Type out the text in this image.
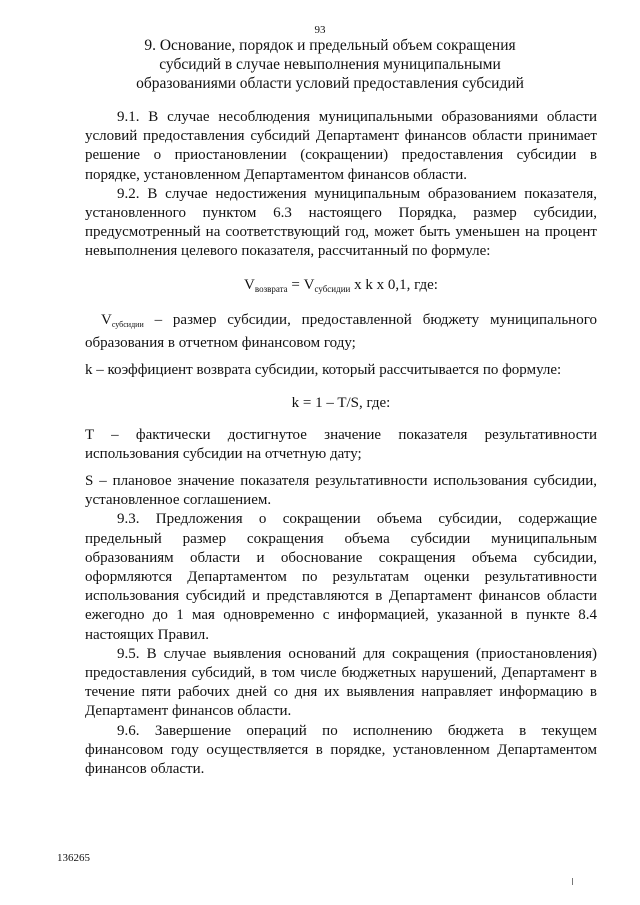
93
9. Основание, порядок и предельный объем сокращения
субсидий в случае невыполнения муниципальными
образованиями области условий предоставления субсидий

9.1. В случае несоблюдения муниципальными образованиями области условий предоставления субсидий Департамент финансов области принимает решение о приостановлении (сокращении) предоставления субсидии в порядке, установленном Департаментом финансов области.

9.2. В случае недостижения муниципальным образованием показателя, установленного пунктом 6.3 настоящего Порядка, размер субсидии, предусмотренный на соответствующий год, может быть уменьшен на процент невыполнения целевого показателя, рассчитанный по формуле:

$V_{возврата} = V_{субсидии}$ x k x 0,1, где:

$V_{субсидии}$ – размер субсидии, предоставленной бюджету муниципального образования в отчетном финансовом году;

k – коэффициент возврата субсидии, который рассчитывается по формуле:

k = 1 – T/S, где:

T – фактически достигнутое значение показателя результативности использования субсидии на отчетную дату;

S – плановое значение показателя результативности использования субсидии, установленное соглашением.

9.3. Предложения о сокращении объема субсидии, содержащие предельный размер сокращения объема субсидии муниципальным образованиям области и обоснование сокращения объема субсидии, оформляются Департаментом по результатам оценки результативности использования субсидий и представляются в Департамент финансов области ежегодно до 1 мая одновременно с информацией, указанной в пункте 8.4 настоящих Правил.

9.5. В случае выявления оснований для сокращения (приостановления) предоставления субсидий, в том числе бюджетных нарушений, Департамент в течение пяти рабочих дней со дня их выявления направляет информацию в Департамент финансов области.

9.6. Завершение операций по исполнению бюджета в текущем финансовом году осуществляется в порядке, установленном Департаментом финансов области.

136265
